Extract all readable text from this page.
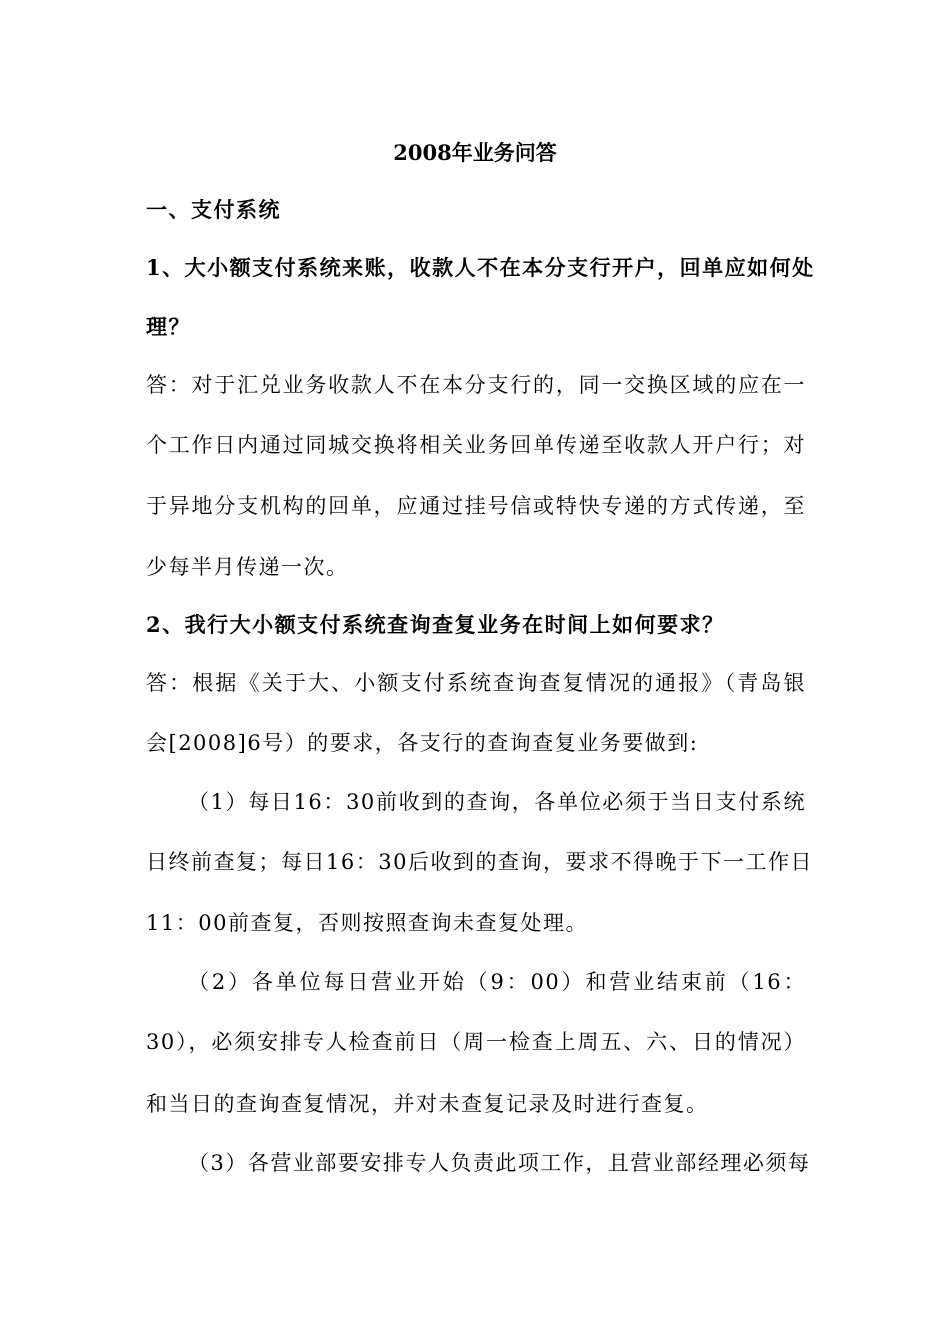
2008年业务问答
一、支付系统
1、大小额支付系统来账，收款人不在本分支行开户，回单应如何处
理？
答：对于汇兑业务收款人不在本分支行的，同一交换区域的应在一
个工作日内通过同城交换将相关业务回单传递至收款人开户行；对
于异地分支机构的回单，应通过挂号信或特快专递的方式传递，至
少每半月传递一次。
2、我行大小额支付系统查询查复业务在时间上如何要求？
答：根据《关于大、小额支付系统查询查复情况的通报》（青岛银
会[2008]6号）的要求，各支行的查询查复业务要做到:
（1）每日16：30前收到的查询，各单位必须于当日支付系统
日终前查复；每日16：30后收到的查询，要求不得晚于下一工作日
11：00前查复，否则按照查询未查复处理。
（2）各单位每日营业开始（9：00）和营业结束前（16：
30），必须安排专人检查前日（周一检查上周五、六、日的情况）
和当日的查询查复情况，并对未查复记录及时进行查复。
（3）各营业部要安排专人负责此项工作，且营业部经理必须每
